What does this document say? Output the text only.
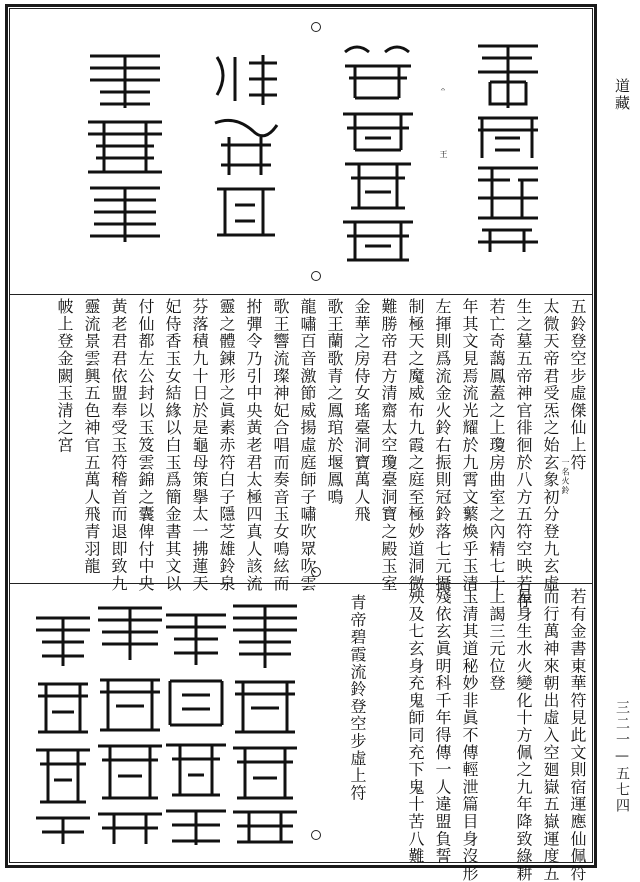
道藏
三二一—五七四
𝄐
王
五鈴登空步虛傑仙上符
太微天帝君受炁之始玄象初分登九玄虛
生之墓五帝神官徘徊於八方五符空映若存
若亡奇藹鳳蓋之上瓊房曲室之內精七十
年其文見焉流光耀於九霄文蘩煥乎玉清
左揮則爲流金火鈴右振則冠鈴落七元攝
制極天之魔威布九霞之庭至極妙道洞微
難勝帝君方清齋太空瓊臺洞寶之殿玉室
金華之房侍女瑤臺洞寶萬人飛
歌王蘭歌青之鳳琯於堰鳳鳴
龍嘯百音激節威揚虛庭師子嘯吹眾吹雲
歌王響流璨神妃合唱而奏音玉女鳴絃而
拊彈令乃引中央黃老君太極四真人該流
靈之體鍊形之眞素赤符白子隱芝雄鈴泉
芬落積九十日於是龜母策擧太一拂蓮天
妃侍香玉女結緣以白玉爲簡金書其文以
付仙都左公封以玉笈雲錦之囊俾付中央
黃老君君依盟奉受玉符稽首而退即致九
靈流景雲興五色神官五萬人飛青羽龍
帔上登金闕玉清之宮
一名火鈴
若有金書東華符見此文則宿運應仙佩符
而行萬神來朝出虛入空廻嶽五嶽運度五
星身生水火變化十方佩之九年降致綠耕
上謁三元位登
玉清其道秘妙非眞不傳輕泄篇目身沒形
殘依玄眞明科千年得傳一人違盟負誓
殃及七玄身充鬼師同充下鬼十苦八難
青帝碧霞流鈴登空步虛上符
